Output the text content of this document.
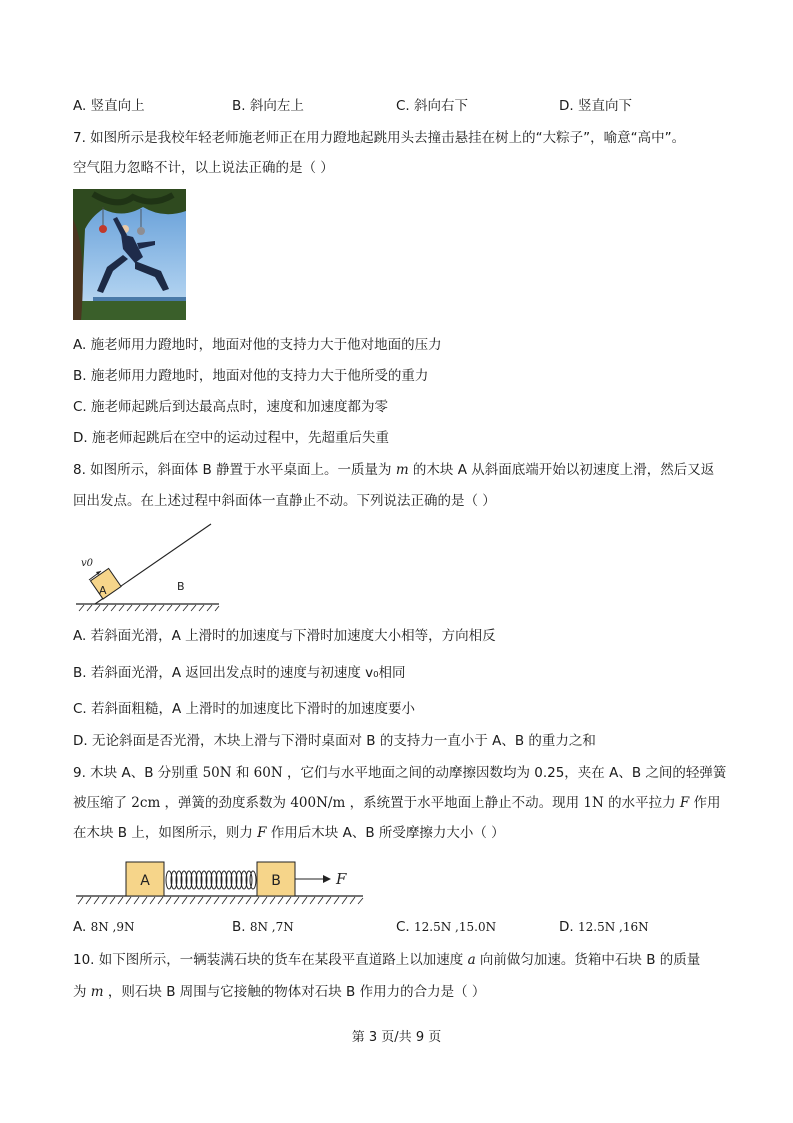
A. 竖直向上	B. 斜向左上	C. 斜向右下	D. 竖直向下
7. 如图所示是我校年轻老师施老师正在用力蹬地起跳用头去撞击悬挂在树上的“大粽子”，喻意“高中”。
空气阻力忽略不计，以上说法正确的是（ ）
A. 施老师用力蹬地时，地面对他的支持力大于他对地面的压力
B. 施老师用力蹬地时，地面对他的支持力大于他所受的重力
C. 施老师起跳后到达最高点时，速度和加速度都为零
D. 施老师起跳后在空中的运动过程中，先超重后失重
8. 如图所示，斜面体 B 静置于水平桌面上。一质量为 m 的木块 A 从斜面底端开始以初速度上滑，然后又返
回出发点。在上述过程中斜面体一直静止不动。下列说法正确的是（ ）
A
v0
B
A. 若斜面光滑，A 上滑时的加速度与下滑时加速度大小相等，方向相反
B. 若斜面光滑，A 返回出发点时的速度与初速度 v₀相同
C. 若斜面粗糙，A 上滑时的加速度比下滑时的加速度要小
D. 无论斜面是否光滑，木块上滑与下滑时桌面对 B 的支持力一直小于 A、B 的重力之和
9. 木块 A、B 分别重 50N 和 60N ，它们与水平地面之间的动摩擦因数均为 0.25，夹在 A、B 之间的轻弹簧
被压缩了 2cm ，弹簧的劲度系数为 400N/m ，系统置于水平地面上静止不动。现用 1N 的水平拉力 F 作用
在木块 B 上，如图所示，则力 F 作用后木块 A、B 所受摩擦力大小（ ）
A	B	F
A. 8N ,9N	B. 8N ,7N	C. 12.5N ,15.0N	D. 12.5N ,16N
10. 如下图所示，一辆装满石块的货车在某段平直道路上以加速度 a 向前做匀加速。货箱中石块 B 的质量
为 m ，则石块 B 周围与它接触的物体对石块 B 作用力的合力是（ ）
第 3 页/共 9 页
